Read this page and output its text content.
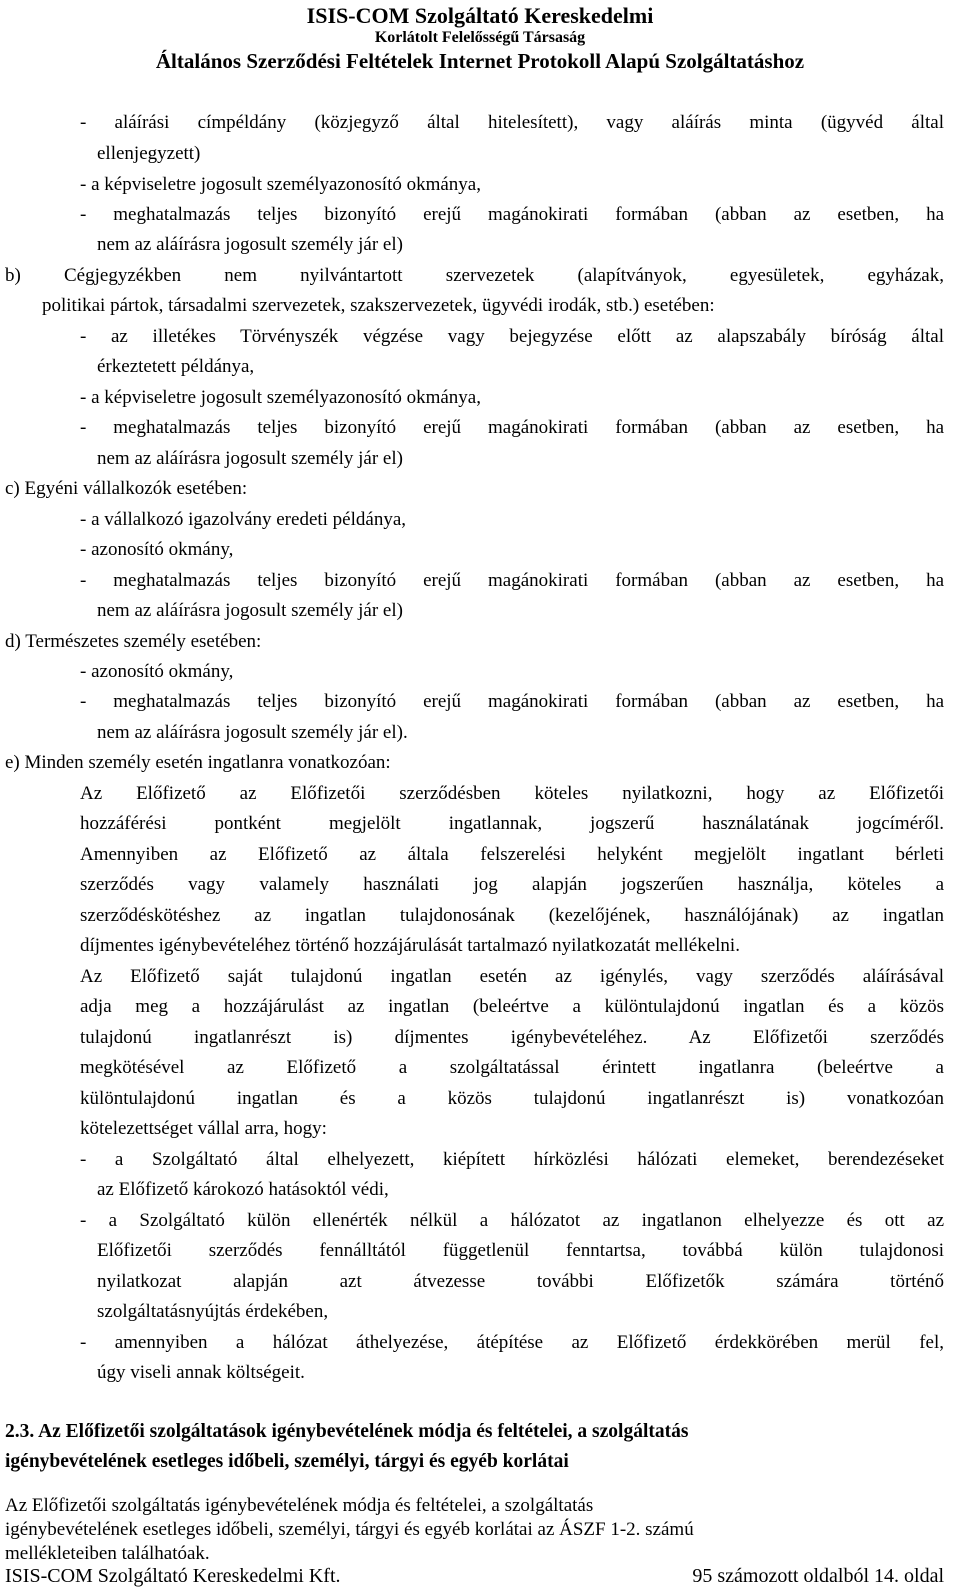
ISIS-COM Szolgáltató Kereskedelmi
Korlátolt Felelősségű Társaság
Általános Szerződési Feltételek Internet Protokoll Alapú Szolgáltatáshoz
- aláírási címpéldány (közjegyző által hitelesített), vagy aláírás minta (ügyvéd által
ellenjegyzett)
- a képviseletre jogosult személyazonosító okmánya,
- meghatalmazás teljes bizonyító erejű magánokirati formában (abban az esetben, ha
nem az aláírásra jogosult személy jár el)
b) Cégjegyzékben nem nyilvántartott szervezetek (alapítványok, egyesületek, egyházak,
politikai pártok, társadalmi szervezetek, szakszervezetek, ügyvédi irodák, stb.) esetében:
- az illetékes Törvényszék végzése vagy bejegyzése előtt az alapszabály bíróság által
érkeztetett példánya,
- a képviseletre jogosult személyazonosító okmánya,
- meghatalmazás teljes bizonyító erejű magánokirati formában (abban az esetben, ha
nem az aláírásra jogosult személy jár el)
c) Egyéni vállalkozók esetében:
- a vállalkozó igazolvány eredeti példánya,
- azonosító okmány,
- meghatalmazás teljes bizonyító erejű magánokirati formában (abban az esetben, ha
nem az aláírásra jogosult személy jár el)
d) Természetes személy esetében:
- azonosító okmány,
- meghatalmazás teljes bizonyító erejű magánokirati formában (abban az esetben, ha
nem az aláírásra jogosult személy jár el).
e) Minden személy esetén ingatlanra vonatkozóan:
Az Előfizető az Előfizetői szerződésben köteles nyilatkozni, hogy az Előfizetői
hozzáférési pontként megjelölt ingatlannak, jogszerű használatának jogcíméről.
Amennyiben az Előfizető az általa felszerelési helyként megjelölt ingatlant bérleti
szerződés vagy valamely használati jog alapján jogszerűen használja, köteles a
szerződéskötéshez az ingatlan tulajdonosának (kezelőjének, használójának) az ingatlan
díjmentes igénybevételéhez történő hozzájárulását tartalmazó nyilatkozatát mellékelni.
Az Előfizető saját tulajdonú ingatlan esetén az igénylés, vagy szerződés aláírásával
adja meg a hozzájárulást az ingatlan (beleértve a különtulajdonú ingatlan és a közös
tulajdonú ingatlanrészt is) díjmentes igénybevételéhez. Az Előfizetői szerződés
megkötésével az Előfizető a szolgáltatással érintett ingatlanra (beleértve a
különtulajdonú ingatlan és a közös tulajdonú ingatlanrészt is) vonatkozóan
kötelezettséget vállal arra, hogy:
- a Szolgáltató által elhelyezett, kiépített hírközlési hálózati elemeket, berendezéseket
az Előfizető károkozó hatásoktól védi,
- a Szolgáltató külön ellenérték nélkül a hálózatot az ingatlanon elhelyezze és ott az
Előfizetői szerződés fennálltától függetlenül fenntartsa, továbbá külön tulajdonosi
nyilatkozat alapján azt átvezesse további Előfizetők számára történő
szolgáltatásnyújtás érdekében,
- amennyiben a hálózat áthelyezése, átépítése az Előfizető érdekkörében merül fel,
úgy viseli annak költségeit.
2.3. Az Előfizetői szolgáltatások igénybevételének módja és feltételei, a szolgáltatás
igénybevételének esetleges időbeli, személyi, tárgyi és egyéb korlátai
Az Előfizetői szolgáltatás igénybevételének módja és feltételei, a szolgáltatás
igénybevételének esetleges időbeli, személyi, tárgyi és egyéb korlátai az ÁSZF 1-2. számú
ISIS-COM Szolgáltató Kereskedelmi Kft.	95 számozott oldalból 14. oldal
mellékleteiben találhatóak.
